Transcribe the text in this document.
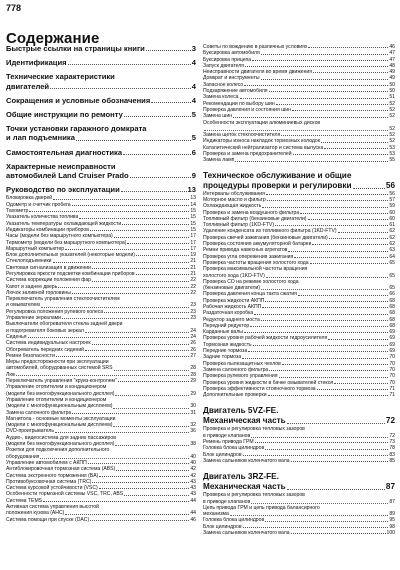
778
Содержание
Быстрые ссылки на страницы книги	3
Идентификация	4
Технические характеристики
двигателей	4
Сокращения и условные обозначения	4
Общие инструкции по ремонту	5
Точки установки гаражного домкрата
и лап подъемника	5
Самостоятельная диагностика	6
Характерные неисправности
автомобилей Land Cruiser Prado	9
Руководство по эксплуатации	13
Блокировка дверей	13
Одометр и счетчик пробега	14
Тахометр	15
Указатель количества топлива	15
Указатель температуры охлаждающей жидкости	15
Индикаторы комбинации приборов	15
Часы (модели без маршрутного компьютера)	17
Термометр (модели без маршрутного компьютера)	17
Маршрутный компьютер	17
Блок дополнительных указателей (некоторые модели)	19
Стеклоподъемники	21
Световая сигнализация в движении	21
Регулировка яркости подсветки комбинации приборов	21
Система коррекции положения фар	22
Капот и заднее дверь	22
Лючок заливной горловины	22
Переключатель управления стеклоочистителем
и омывателем	23
Регулировка положения рулевого колеса	23
Управление зеркалами	23
Выключатели обогревателя стекла задней двери
и подогревателя боковых зеркал	24
Сиденья	24
Система индивидуальных настроек	26
Обогреватель передних сидений	26
Ремни безопасности	27
Меры предосторожности при эксплуатации
автомобилей, оборудованных системой SRS	28
Люк	28
Переключатель управления "круиз-контролем"	29
Управление отопителем и кондиционером
(модели без многофункционального дисплея)	29
Управление отопителем и кондиционером
(модели с многофункциональным дисплеем)	30
Замена салонного фильтра	31
Магнитола - основные моменты эксплуатации
(модели с многофункциональным дисплеем)	32
DVD-проигрыватель	36
Аудио-, видеосистема для задних пассажиров
(модели без многофункционального дисплея)	38
Розетки для подключения дополнительного
оборудования	40
Управление автомобилем с АКПП	40
Антиблокировочная тормозная система (ABS)	42
Система экстренного торможения (BA)	42
Противобуксовочная система (TRC)	43
Система курсовой устойчивости (VSC)	43
Особенности тормозной системы VSC, TRC, ABS	43
Система TEMS	44
Активная система управления высотой
положения кузова (AHC)	44
Система помощи при спуске (DAC)	46
Советы по вождению в различных условиях	46
Буксировка автомобиля	47
Буксировка прицепа	47
Запуск двигателя	48
Неисправности двигателя во время движения	49
Домкрат и инструменты	49
Запасное колесо	50
Подзаряжение автомобиля	50
Замена колеса	51
Рекомендации по выбору шин	52
Проверка давления и состояния шин	52
Замена шин	52
Особенности эксплуатации алюминиевых дисков
52
Замена щеток стеклоочистителя	52
Индикаторы износа накладок тормозных колодок	52
Каталитический нейтрализатор и система выпуска	53
Проверка и замена предохранителей	53
Замена ламп	55
Техническое обслуживание и общие
процедуры проверки и регулировки	56
Интервалы обслуживания	56
Моторное масло и фильтр	57
Охлаждающая жидкость	59
Проверка и замена воздушного фильтра	60
Топливный фильтр (бензиновые двигатели)	60
Топливный фильтр (1KD-FTV)	61
Удаление конденсата из топливного фильтра (1KD-FTV)	62
Проверка свечей зажигания (бензиновые двигатели)	62
Проверка состояния аккумуляторной батареи	62
Ремни привода навесных агрегатов	63
Проверка угла опережения зажигания	64
Проверка частоты вращения холостого хода	65
Проверка максимальной частоты вращения
холостого хода (1KD-FTV)	65
Проверка СО на режиме холостого хода
(бензиновые двигатели)	65
Проверка давления конца такта сжатия	66
Проверка жидкости АКПП	68
Рабочая жидкость АКПП	68
Раздаточная коробка	68
Редуктор заднего моста	68
Передний редуктор	68
Карданные валы	69
Проверка уровня рабочей жидкости гидроусилителя	69
Тормозная жидкость	69
Передние тормоза	69
Задние тормоза	70
Проверка пылезащитных чехлов	70
Замена салонного фильтра	70
Проверка рулевого управления	70
Проверка уровня жидкости в бачке омывателей стекол	70
Проверка эффективности стояночного тормоза	71
Дополнительные проверки	71
Двигатель 5VZ-FE.
Механическая часть	72
Проверка и регулировка тепловых зазоров
в приводе клапанов	72
Ремень привода ГРМ	73
Головка блока цилиндров	78
Блок цилиндров	83
Замена сальников коленчатого вала	85
Двигатель 3RZ-FE.
Механическая часть	87
Проверка и регулировка тепловых зазоров
в приводе клапанов	87
Цепь привода ГРМ и цепь привода балансирного
механизма	89
Головка блока цилиндров	95
Блок цилиндров	98
Замена сальников коленчатого вала	100
